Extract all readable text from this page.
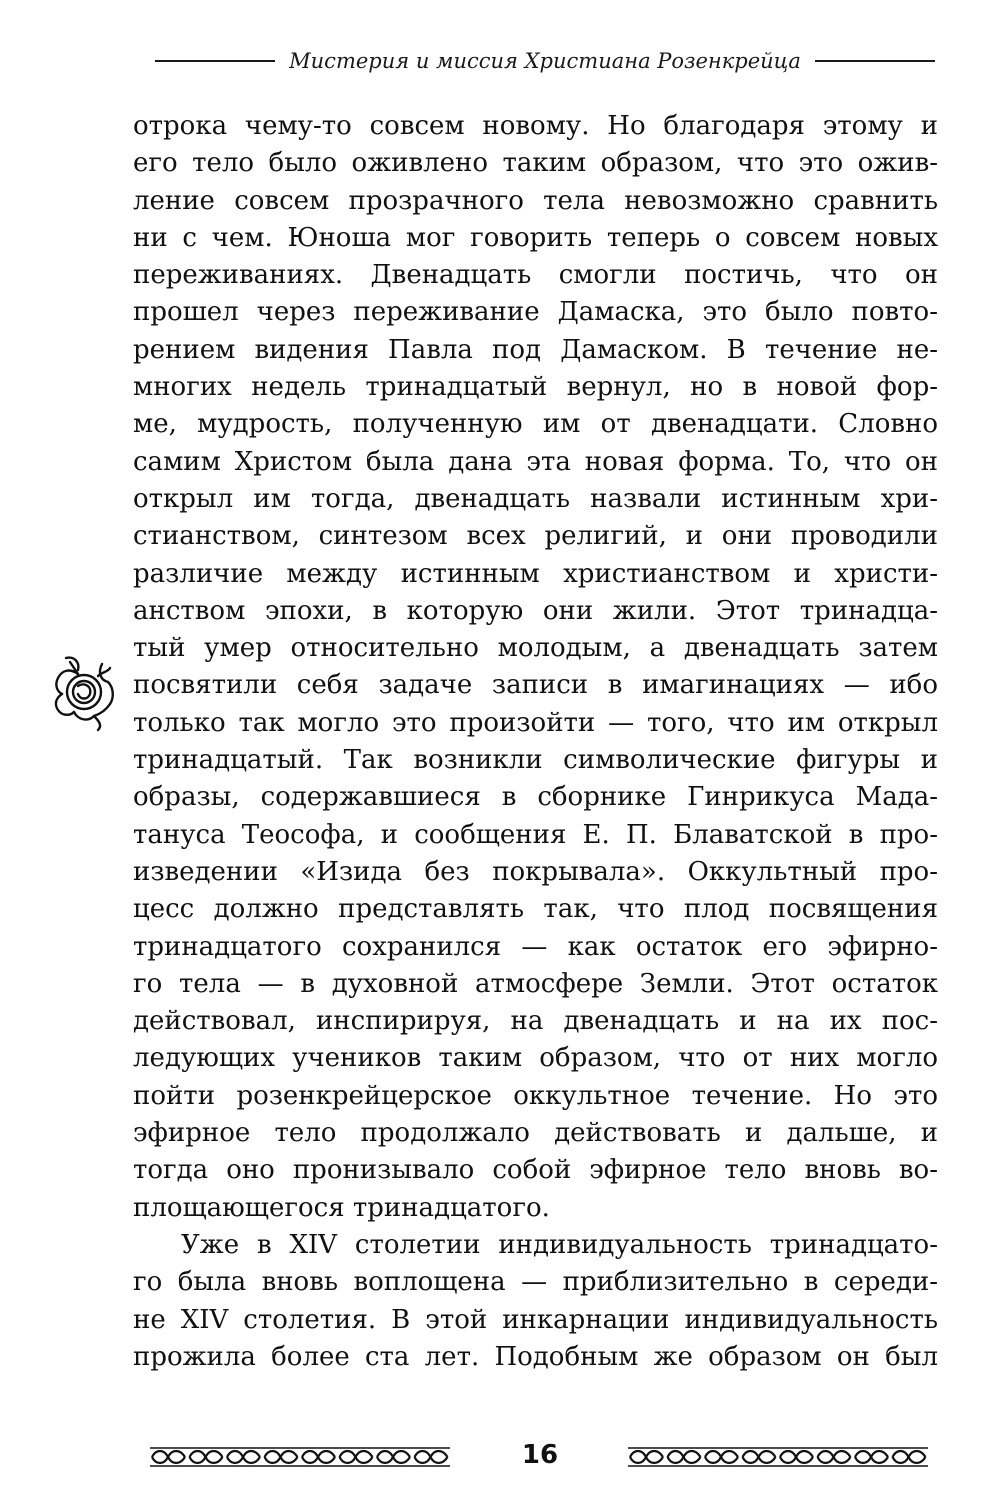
Мистерия и миссия Христиана Розенкрейца
отрока чему-то совсем новому. Но благодаря этому и
его тело было оживлено таким образом, что это ожив-
ление совсем прозрачного тела невозможно сравнить
ни с чем. Юноша мог говорить теперь о совсем новых
переживаниях. Двенадцать смогли постичь, что он
прошел через переживание Дамаска, это было повто-
рением видения Павла под Дамаском. В течение не-
многих недель тринадцатый вернул, но в новой фор-
ме, мудрость, полученную им от двенадцати. Словно
самим Христом была дана эта новая форма. То, что он
открыл им тогда, двенадцать назвали истинным хри-
стианством, синтезом всех религий, и они проводили
различие между истинным христианством и христи-
анством эпохи, в которую они жили. Этот тринадца-
тый умер относительно молодым, а двенадцать затем
посвятили себя задаче записи в имагинациях — ибо
только так могло это произойти — того, что им открыл
тринадцатый. Так возникли символические фигуры и
образы, содержавшиеся в сборнике Гинрикуса Мада-
тануса Теософа, и сообщения Е. П. Блаватской в про-
изведении «Изида без покрывала». Оккультный про-
цесс должно представлять так, что плод посвящения
тринадцатого сохранился — как остаток его эфирно-
го тела — в духовной атмосфере Земли. Этот остаток
действовал, инспирируя, на двенадцать и на их пос-
ледующих учеников таким образом, что от них могло
пойти розенкрейцерское оккультное течение. Но это
эфирное тело продолжало действовать и дальше, и
тогда оно пронизывало собой эфирное тело вновь во-
площающегося тринадцатого.
Уже в XIV столетии индивидуальность тринадцато-
го была вновь воплощена — приблизительно в середи-
не XIV столетия. В этой инкарнации индивидуальность
прожила более ста лет. Подобным же образом он был
16
